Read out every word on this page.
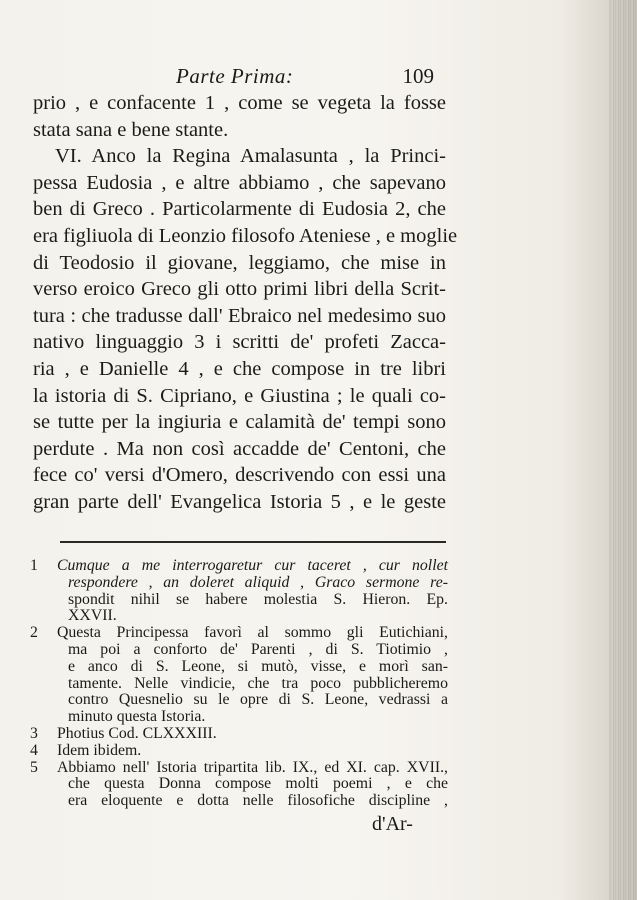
Parte Prima:	109
prio , e confacente 1 , come se vegeta la fosse
stata sana e bene stante.
VI. Anco la Regina Amalasunta , la Princi-
pessa Eudosia , e altre abbiamo , che sapevano
ben di Greco . Particolarmente di Eudosia 2, che
era figliuola di Leonzio filosofo Ateniese , e moglie
di Teodosio il giovane, leggiamo, che mise in
verso eroico Greco gli otto primi libri della Scrit-
tura : che tradusse dall' Ebraico nel medesimo suo
nativo linguaggio 3 i scritti de' profeti Zacca-
ria , e Danielle 4 , e che compose in tre libri
la istoria di S. Cipriano, e Giustina ; le quali co-
se tutte per la ingiuria e calamità de' tempi sono
perdute . Ma non così accadde de' Centoni, che
fece co' versi d'Omero, descrivendo con essi una
gran parte dell' Evangelica Istoria 5 , e le geste
1	Cumque a me interrogaretur cur taceret , cur nollet
respondere , an doleret aliquid , Graco sermone re-
spondit nihil se habere molestia S. Hieron. Ep.
XXVII.
2	Questa Principessa favorì al sommo gli Eutichiani,
ma poi a conforto de' Parenti , di S. Tiotimio ,
e anco di S. Leone, si mutò, visse, e morì san-
tamente. Nelle vindicie, che tra poco pubblicheremo
contro Quesnelio su le opre di S. Leone, vedrassi a
minuto questa Istoria.
3	Photius Cod. CLXXXIII.
4	Idem ibidem.
5	Abbiamo nell' Istoria tripartita lib. IX., ed XI. cap. XVII.,
che questa Donna compose molti poemi , e che
era eloquente e dotta nelle filosofiche discipline ,
d'Ar-
